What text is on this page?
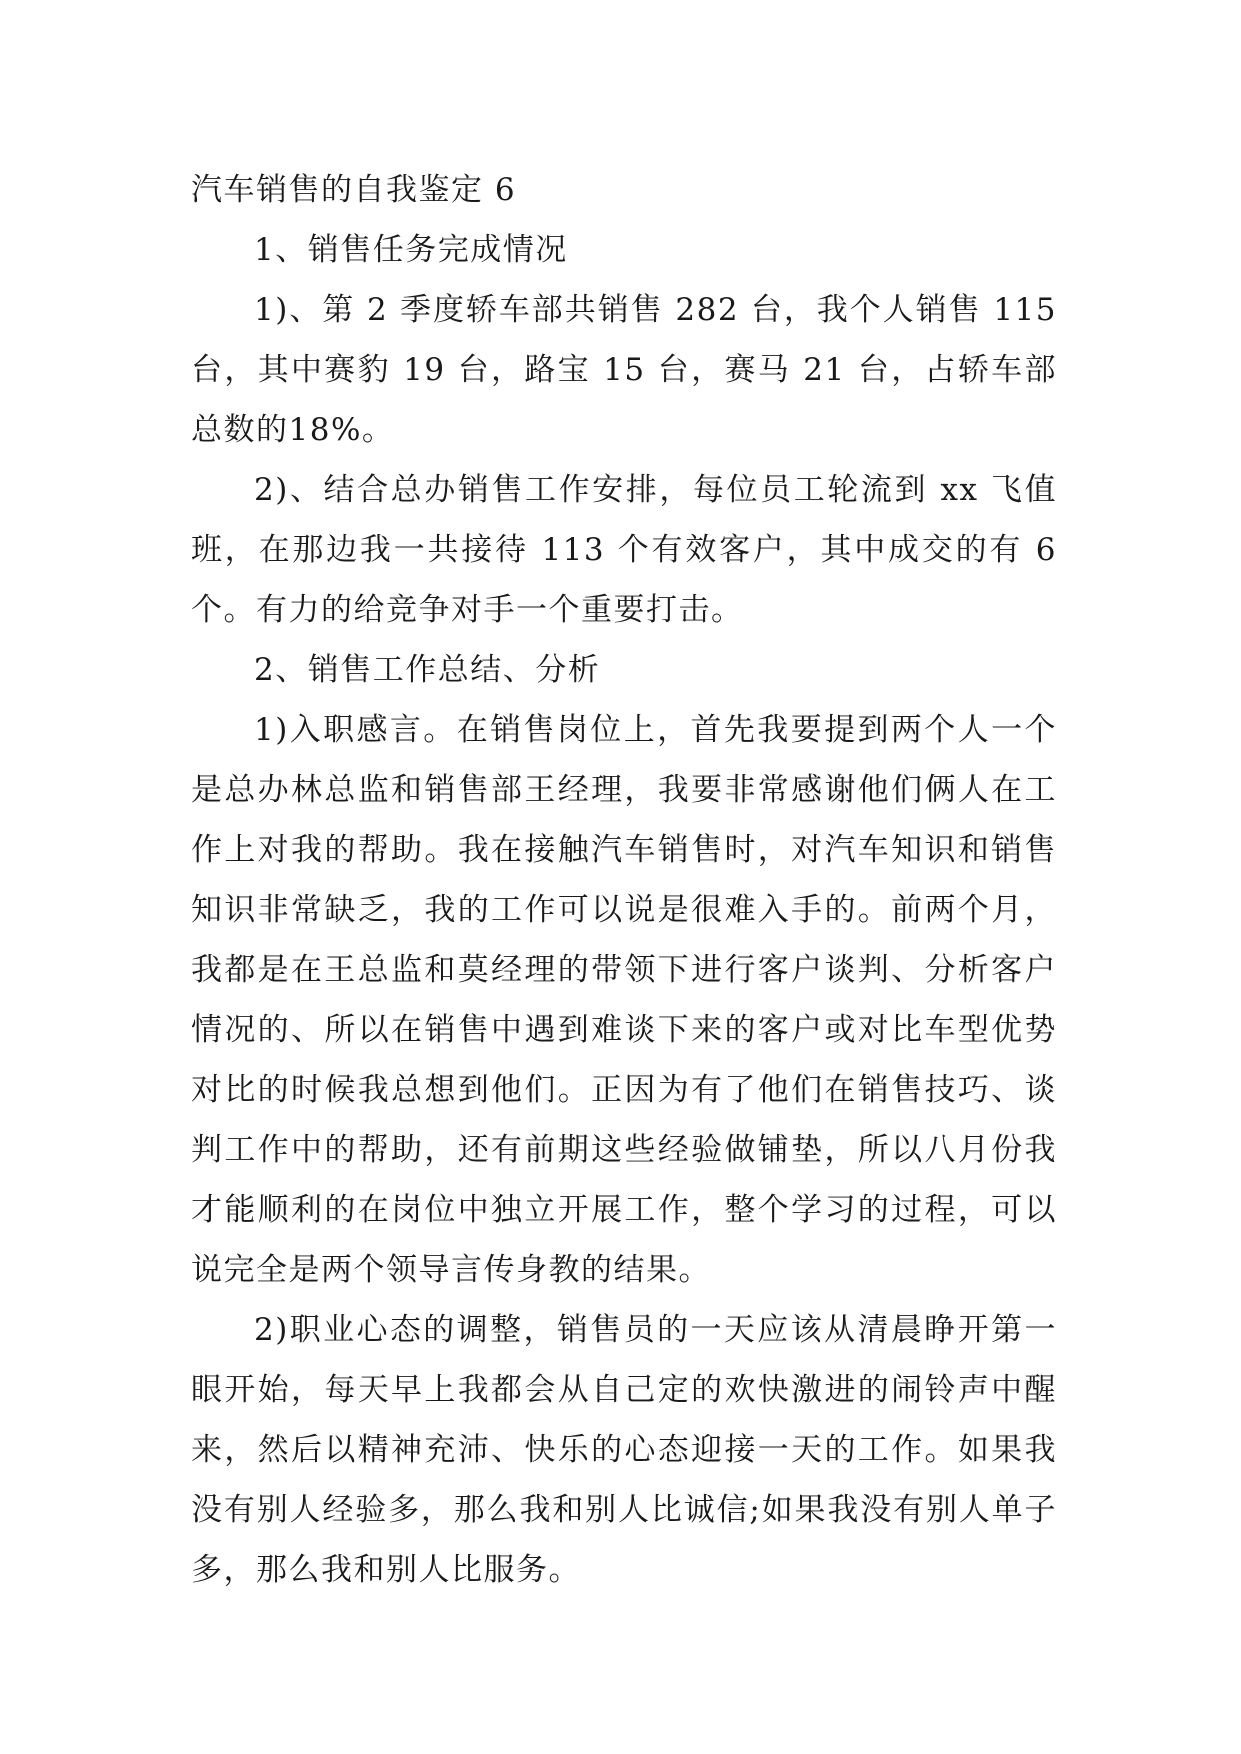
汽车销售的自我鉴定 6

1、销售任务完成情况

1)、第 2 季度轿车部共销售 282 台，我个人销售 115 台，其中赛豹 19 台，路宝 15 台，赛马 21 台，占轿车部总数的18%。

2)、结合总办销售工作安排，每位员工轮流到 xx 飞值班，在那边我一共接待 113 个有效客户，其中成交的有 6 个。有力的给竞争对手一个重要打击。

2、销售工作总结、分析

1)入职感言。在销售岗位上，首先我要提到两个人一个是总办林总监和销售部王经理，我要非常感谢他们俩人在工作上对我的帮助。我在接触汽车销售时，对汽车知识和销售知识非常缺乏，我的工作可以说是很难入手的。前两个月，我都是在王总监和莫经理的带领下进行客户谈判、分析客户情况的、所以在销售中遇到难谈下来的客户或对比车型优势对比的时候我总想到他们。正因为有了他们在销售技巧、谈判工作中的帮助，还有前期这些经验做铺垫，所以八月份我才能顺利的在岗位中独立开展工作，整个学习的过程，可以说完全是两个领导言传身教的结果。

2)职业心态的调整，销售员的一天应该从清晨睁开第一眼开始，每天早上我都会从自己定的欢快激进的闹铃声中醒来，然后以精神充沛、快乐的心态迎接一天的工作。如果我没有别人经验多，那么我和别人比诚信;如果我没有别人单子多，那么我和别人比服务。
